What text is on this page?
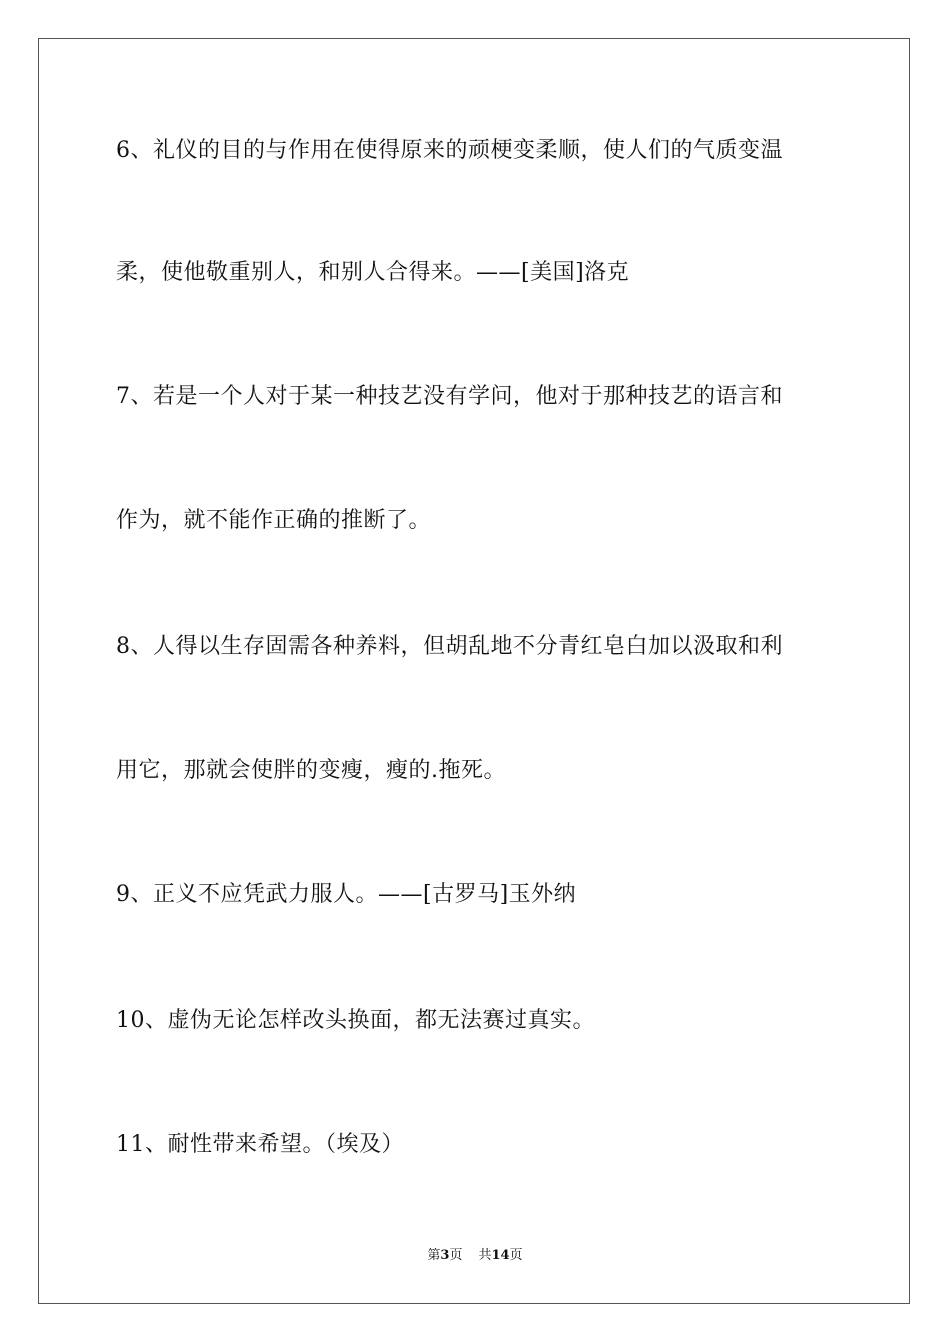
6、礼仪的目的与作用在使得原来的顽梗变柔顺，使人们的气质变温
柔，使他敬重别人，和别人合得来。——[美国]洛克
7、若是一个人对于某一种技艺没有学问，他对于那种技艺的语言和
作为，就不能作正确的推断了。
8、人得以生存固需各种养料，但胡乱地不分青红皂白加以汲取和利
用它，那就会使胖的变瘦，瘦的.拖死。
9、正义不应凭武力服人。——[古罗马]玉外纳
10、虚伪无论怎样改头换面，都无法赛过真实。
11、耐性带来希望。（埃及）
第3页 共14页
